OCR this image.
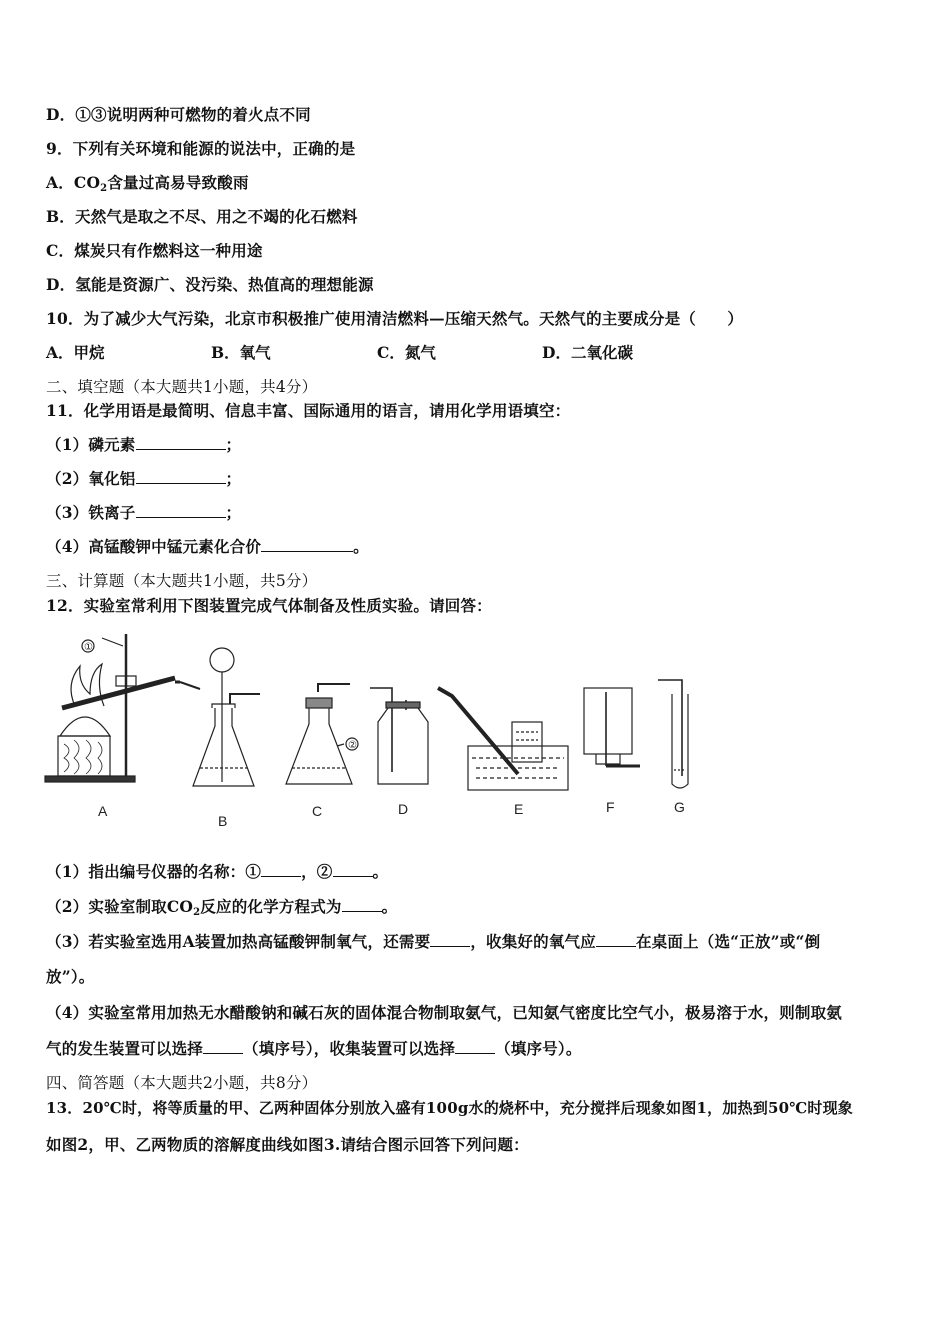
D．①③说明两种可燃物的着火点不同
9．下列有关环境和能源的说法中，正确的是
A．CO2含量过高易导致酸雨
B．天然气是取之不尽、用之不竭的化石燃料
C．煤炭只有作燃料这一种用途
D．氢能是资源广、没污染、热值高的理想能源
10．为了减少大气污染，北京市积极推广使用清洁燃料—压缩天然气。天然气的主要成分是（　　）
A．甲烷	B．氧气	C．氮气	D．二氧化碳
二、填空题（本大题共1小题，共4分）
11．化学用语是最简明、信息丰富、国际通用的语言，请用化学用语填空：
（1）磷元素	；
（2）氧化铝	；
（3）铁离子	；
（4）高锰酸钾中锰元素化合价	。
三、计算题（本大题共1小题，共5分）
12．实验室常利用下图装置完成气体制备及性质实验。请回答：
①
A
B
②
C	D	E	F	G
（1）指出编号仪器的名称：①	，②	。
（2）实验室制取CO2反应的化学方程式为	。
（3）若实验室选用A装置加热高锰酸钾制氧气，还需要	，收集好的氧气应	在桌面上（选“正放”或“倒
放”）。
（4）实验室常用加热无水醋酸钠和碱石灰的固体混合物制取氨气，已知氨气密度比空气小，极易溶于水，则制取氨
气的发生装置可以选择	（填序号），收集装置可以选择	（填序号）。
四、简答题（本大题共2小题，共8分）
13．20℃时，将等质量的甲、乙两种固体分别放入盛有100g水的烧杯中，充分搅拌后现象如图1，加热到50℃时现象
如图2，甲、乙两物质的溶解度曲线如图3.请结合图示回答下列问题：
